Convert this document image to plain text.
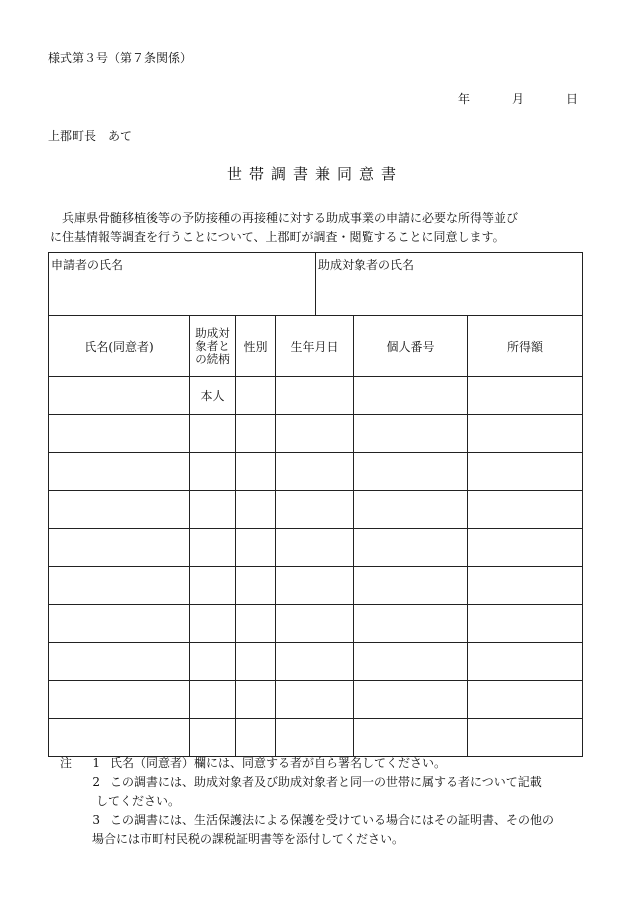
様式第３号（第７条関係）
年	月	日
上郡町長　あて
世帯調書兼同意書

兵庫県骨髄移植後等の予防接種の再接種に対する助成事業の申請に必要な所得等並び

に住基情報等調査を行うことについて、上郡町が調査・閲覧することに同意します。

申請者の氏名				助成対象者の氏名		
氏名(同意者)	助成対
象者と
の続柄	性別	生年月日		個人番号	所得額
	本人					

注	1 氏名（同意者）欄には、同意する者が自ら署名してください。
2 この調書には、助成対象者及び助成対象者と同一の世帯に属する者について記載
してください。
3 この調書には、生活保護法による保護を受けている場合にはその証明書、その他の
場合には市町村民税の課税証明書等を添付してください。
